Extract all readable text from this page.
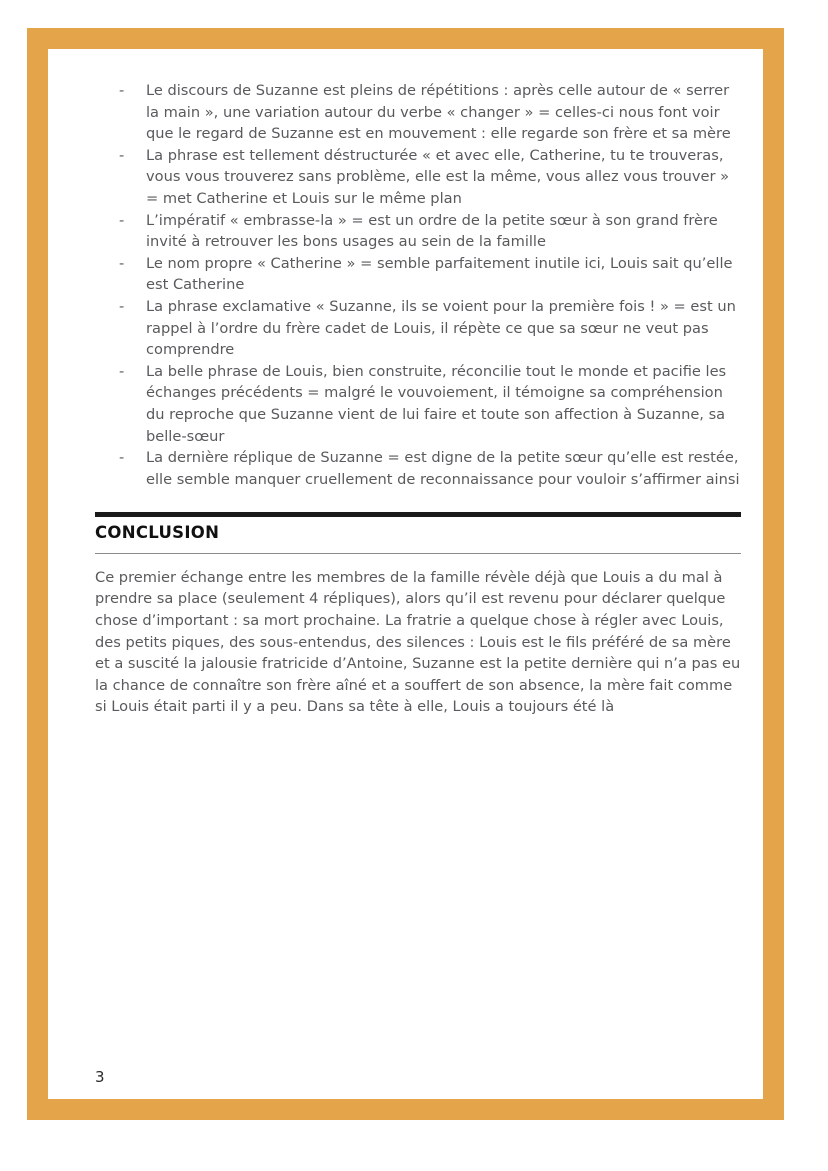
- Le discours de Suzanne est pleins de répétitions : après celle autour de « serrer la main », une variation autour du verbe « changer » = celles-ci nous font voir que le regard de Suzanne est en mouvement : elle regarde son frère et sa mère
- La phrase est tellement déstructurée « et avec elle, Catherine, tu te trouveras, vous vous trouverez sans problème, elle est la même, vous allez vous trouver » = met Catherine et Louis sur le même plan
- L’impératif « embrasse-la » = est un ordre de la petite sœur à son grand frère invité à retrouver les bons usages au sein de la famille
- Le nom propre « Catherine » = semble parfaitement inutile ici, Louis sait qu’elle est Catherine
- La phrase exclamative « Suzanne, ils se voient pour la première fois ! » = est un rappel à l’ordre du frère cadet de Louis, il répète ce que sa sœur ne veut pas comprendre
- La belle phrase de Louis, bien construite, réconcilie tout le monde et pacifie les échanges précédents = malgré le vouvoiement, il témoigne sa compréhension du reproche que Suzanne vient de lui faire et toute son affection à Suzanne, sa belle-sœur
- La dernière réplique de Suzanne = est digne de la petite sœur qu’elle est restée, elle semble manquer cruellement de reconnaissance pour vouloir s’affirmer ainsi
CONCLUSION
Ce premier échange entre les membres de la famille révèle déjà que Louis a du mal à prendre sa place (seulement 4 répliques), alors qu’il est revenu pour déclarer quelque chose d’important : sa mort prochaine. La fratrie a quelque chose à régler avec Louis, des petits piques, des sous-entendus, des silences : Louis est le fils préféré de sa mère et a suscité la jalousie fratricide d’Antoine, Suzanne est la petite dernière qui n’a pas eu la chance de connaître son frère aîné et a souffert de son absence, la mère fait comme si Louis était parti il y a peu. Dans sa tête à elle, Louis a toujours été là
3
